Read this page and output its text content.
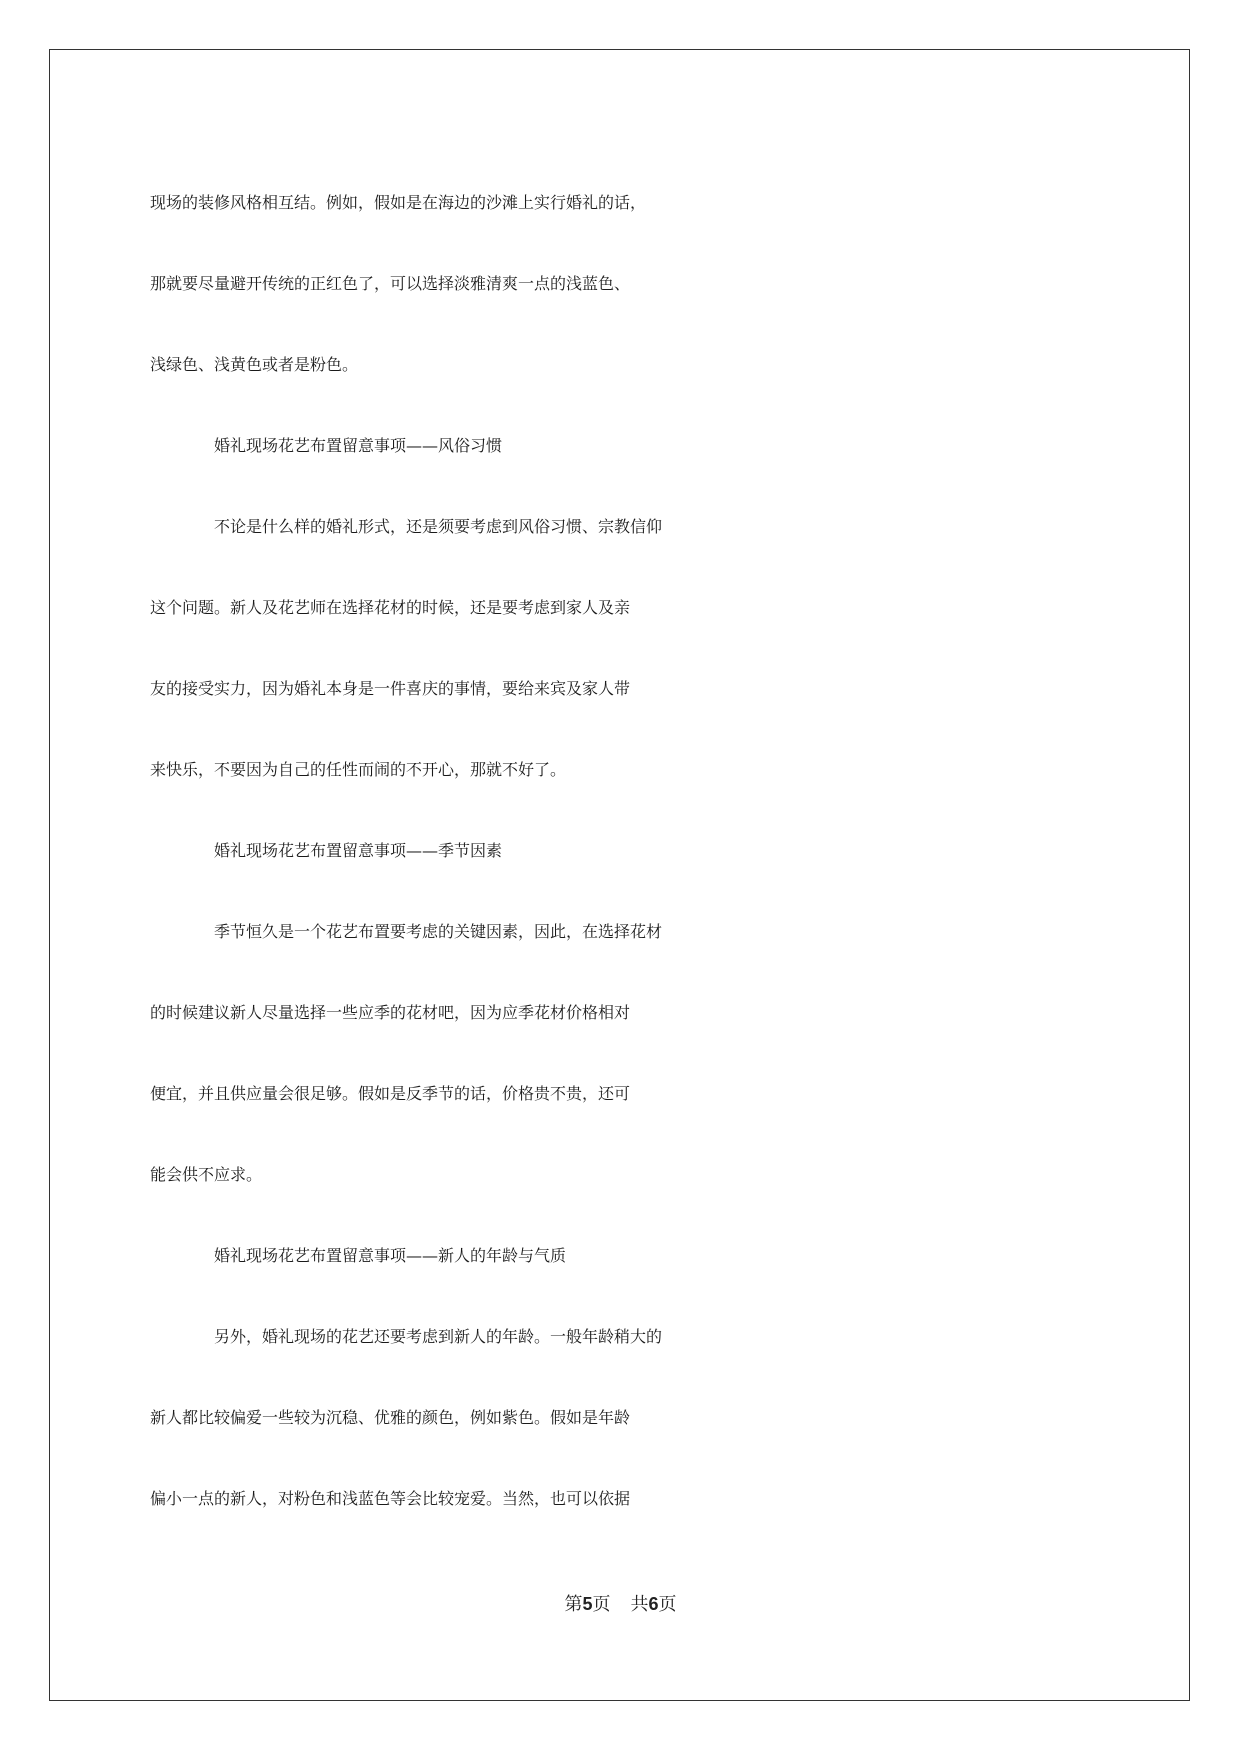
现场的装修风格相互结。例如，假如是在海边的沙滩上实行婚礼的话，
那就要尽量避开传统的正红色了，可以选择淡雅清爽一点的浅蓝色、
浅绿色、浅黄色或者是粉色。
婚礼现场花艺布置留意事项——风俗习惯
不论是什么样的婚礼形式，还是须要考虑到风俗习惯、宗教信仰
这个问题。新人及花艺师在选择花材的时候，还是要考虑到家人及亲
友的接受实力，因为婚礼本身是一件喜庆的事情，要给来宾及家人带
来快乐，不要因为自己的任性而闹的不开心，那就不好了。
婚礼现场花艺布置留意事项——季节因素
季节恒久是一个花艺布置要考虑的关键因素，因此，在选择花材
的时候建议新人尽量选择一些应季的花材吧，因为应季花材价格相对
便宜，并且供应量会很足够。假如是反季节的话，价格贵不贵，还可
能会供不应求。
婚礼现场花艺布置留意事项——新人的年龄与气质
另外，婚礼现场的花艺还要考虑到新人的年龄。一般年龄稍大的
新人都比较偏爱一些较为沉稳、优雅的颜色，例如紫色。假如是年龄
偏小一点的新人，对粉色和浅蓝色等会比较宠爱。当然，也可以依据
第5页 共6页
